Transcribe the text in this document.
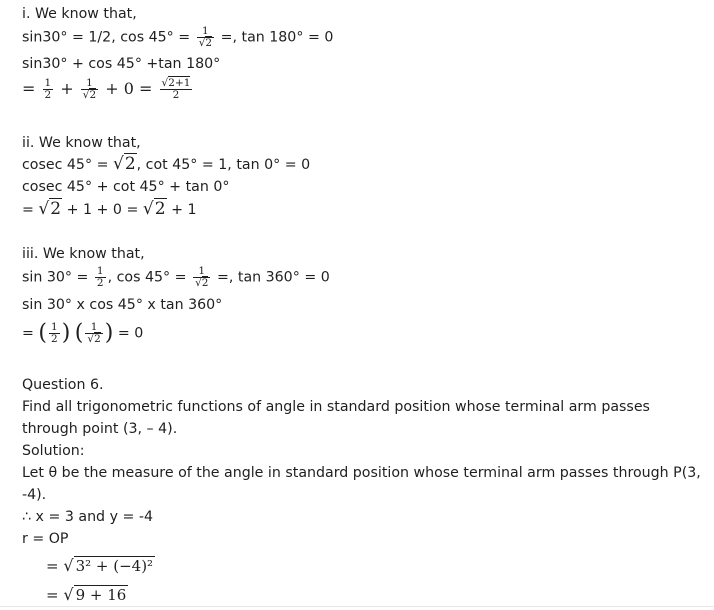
i. We know that,
sin30° = 1/2, $\cos 45^\circ = \frac{1}{√2}$ =, tan 180° = 0
sin30° + cos 45° +tan 180°
= $\frac{1}{2} + \frac{1}{√2} + 0 = \frac{√2+1}{2}$
ii. We know that,
cosec 45° = √2, cot 45° = 1, tan 0° = 0
cosec 45° + cot 45° + tan 0°
= √2 + 1 + 0 = √2 + 1
iii. We know that,
$\sin 30^\circ = \frac{1}{2}$ , $\cos 45^\circ = \frac{1}{√2}$ =, tan 360° = 0
sin 30° x cos 45° x tan 360°
= ( $\frac{1}{2}$ ) ( $\frac{1}{√2}$ ) = 0
Question 6.
Find all trigonometric functions of angle in standard position whose terminal arm passes
through point (3, – 4).
Solution:
Let θ be the measure of the angle in standard position whose terminal arm passes through P(3,
-4).
∴ x = 3 and y = -4
r = OP
= √ 3² + (−4)²
= √ 9 + 16
